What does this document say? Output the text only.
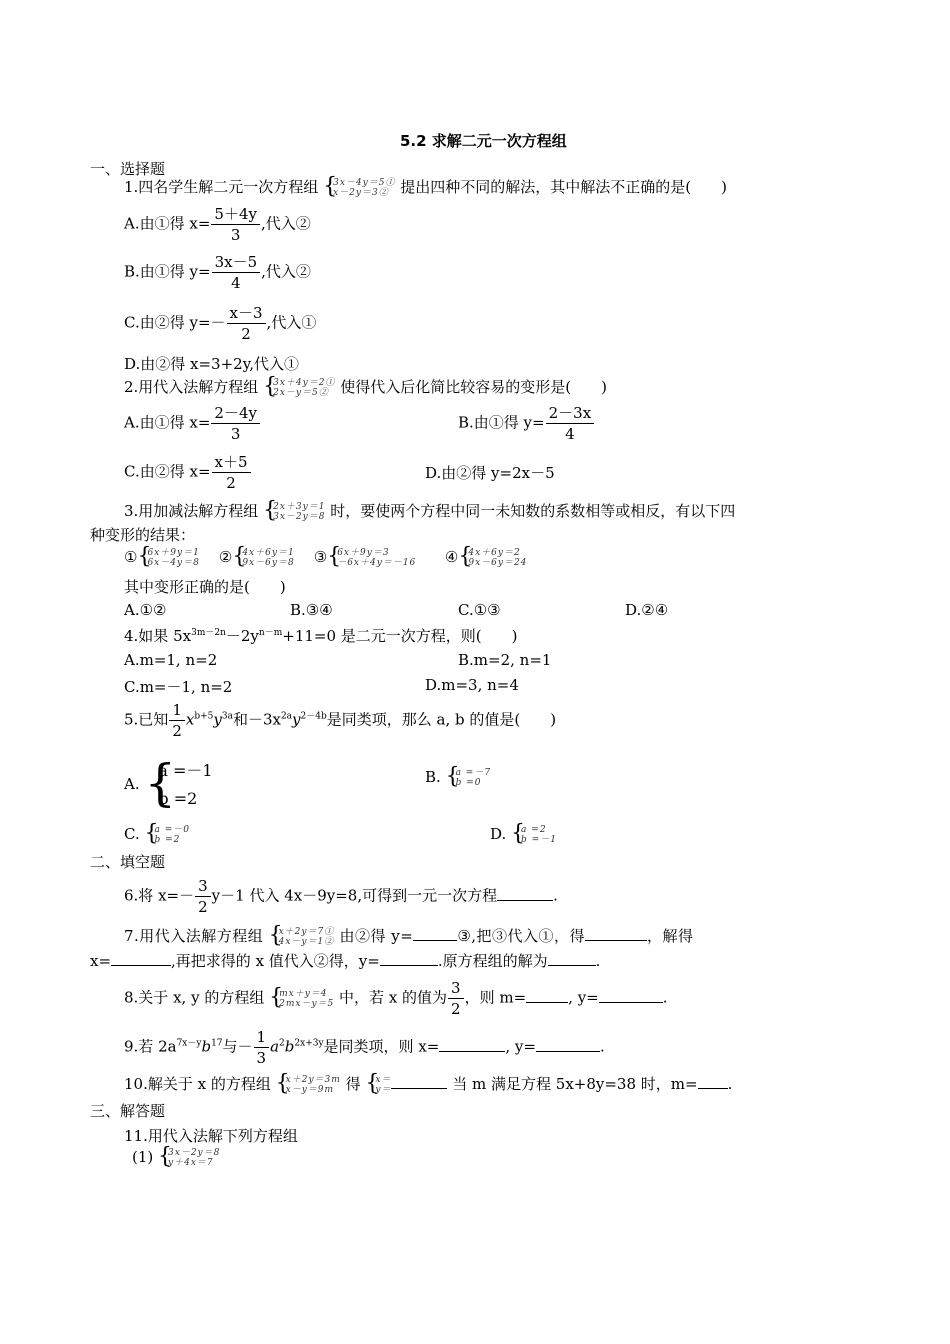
5.2 求解二元一次方程组
一、选择题
1.四名学生解二元一次方程组 { 3x－4y＝5①
x－2y＝3② 提出四种不同的解法，其中解法不正确的是(　　)
A.由①得 $x= \frac{5+4y}{3}$ ,代入②
B.由①得 $y= \frac{3x-5}{4}$ ,代入②
C.由②得 $y=- \frac{x-3}{2}$ ,代入①
D.由②得 x=3+2y,代入①
2.用代入法解方程组 { 3x＋4y＝2①
2x－y＝5② 使得代入后化简比较容易的变形是(　　)
A.由①得 $x= \frac{2-4y}{3}$	B.由①得 $y= \frac{2-3x}{4}$
C.由②得 $x= \frac{x+5}{2}$	D.由②得 y=2x－5
3.用加减法解方程组 { 2x＋3y＝1
3x－2y＝8 时，要使两个方程中同一未知数的系数相等或相反，有以下四
种变形的结果：
① { 6x＋9y＝1
6x－4y＝8 ② { 4x＋6y＝1
9x－6y＝8 ③ { 6x＋9y＝3
－6x＋4y＝－16 ④ { 4x＋6y＝2
9x－6y＝24
其中变形正确的是(　　)
A.①②	B.③④	C.①③	D.②④
4.如果 $5x^{3m-2n}-2y^{n-m}+11=0$ 是二元一次方程，则(　　)
A.m=1, n=2	B.m=2, n=1
C.m=－1, n=2	D.m=3, n=4
5.已知 $\frac{1}{2} x^{b+5}y^{3a}$和$-3x^{2a}y^{2-4b}$是同类项，那么 a, b 的值是(　　)
A.
{ a =－1
b =2
B. { a =－7
b =0
C. { a =－0
b =2	D. { a =2
b =－1
二、填空题
6.将 $x=- \frac{3}{2} y-1$ 代入 4x－9y=8,可得到一元一次方程	.
7.用代入法解方程组 { x＋2y＝7①
4x－y＝1② 由②得 y=	③,把③代入①，得	，解得
x=	,再把求得的 x 值代入②得，y=	.原方程组的解为	.
8.关于 x, y 的方程组 { mx＋y＝4
2mx－y＝5 中，若 x 的值为 $\frac{3}{2}$ ，则 m=	, y=	.
9.若 $2a^{7x-y}b^{17}$与－ $\frac{1}{3} a^2b^{2x+3y}$是同类项，则 x=	, y=	.
10.解关于 x 的方程组 { x＋2y＝3m
x－y＝9m 得 { x＝
y＝	当 m 满足方程 5x+8y=38 时，m= .
三、解答题
11.用代入法解下列方程组
(1) { 3x－2y＝8
y＋4x＝7
